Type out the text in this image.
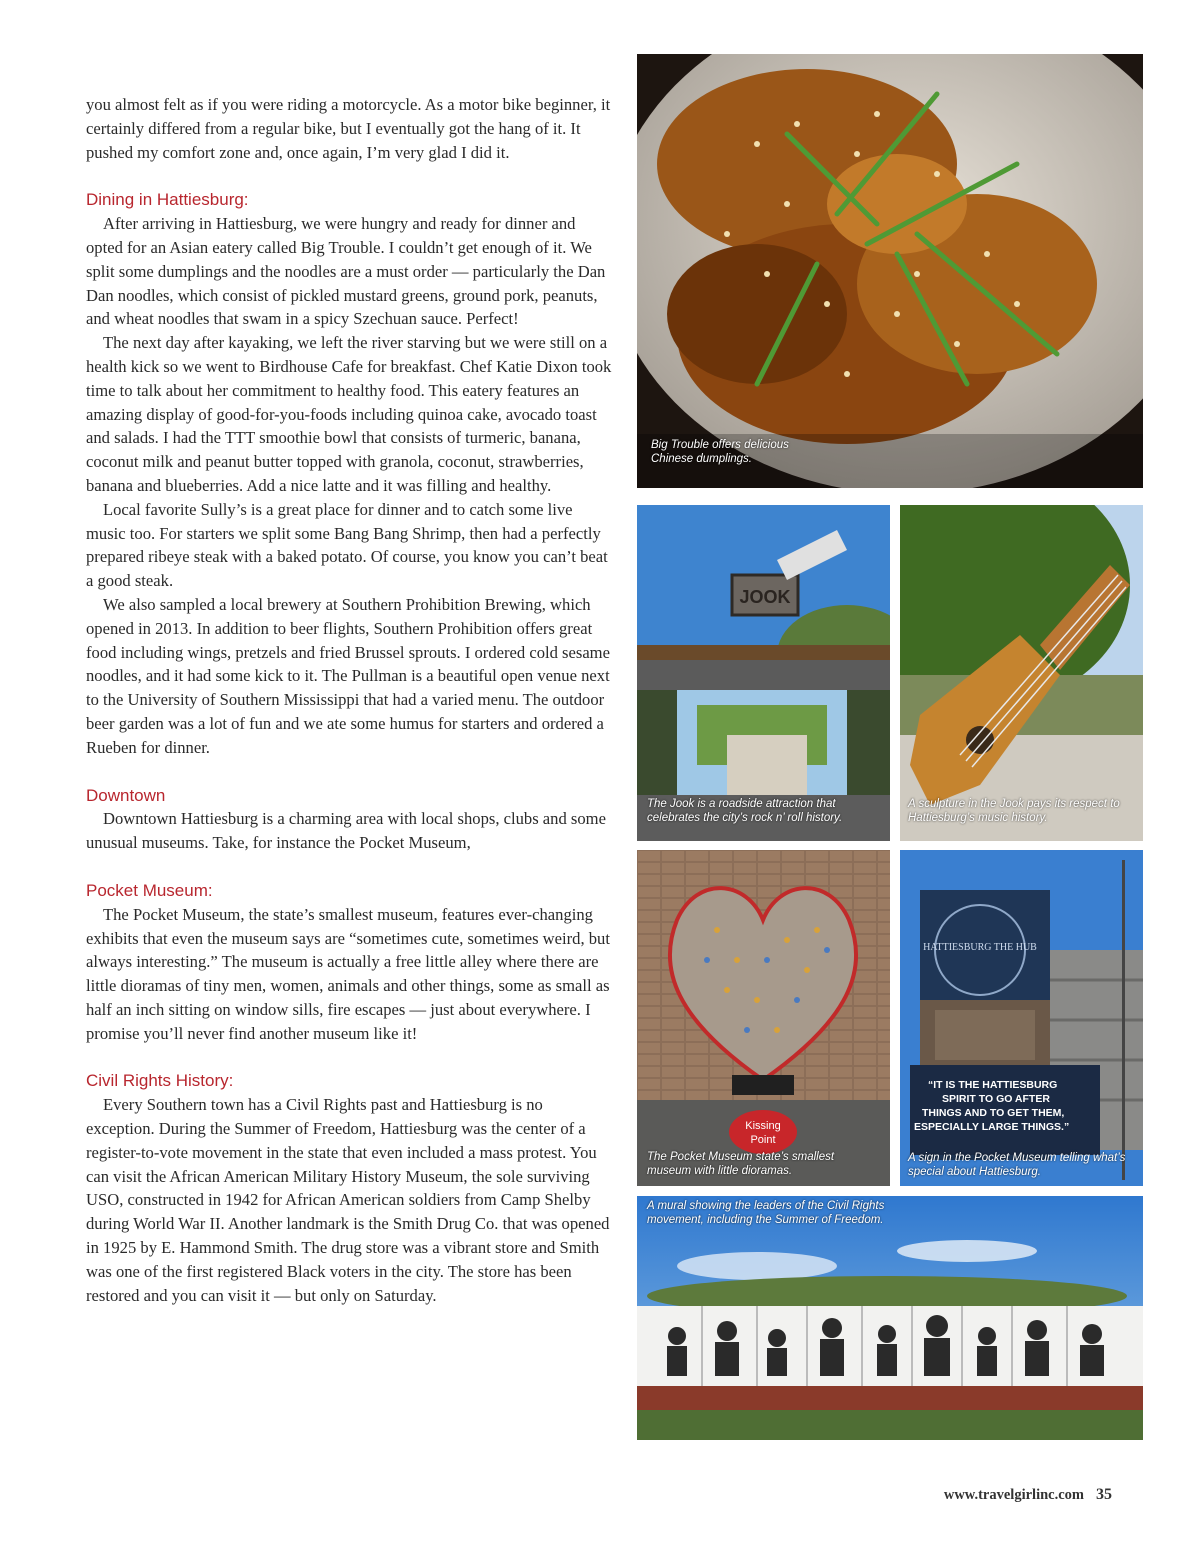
you almost felt as if you were riding a motorcycle. As a motor bike beginner, it certainly differed from a regular bike, but I eventually got the hang of it. It pushed my comfort zone and, once again, I’m very glad I did it.

Dining in Hattiesburg:

After arriving in Hattiesburg, we were hungry and ready for dinner and opted for an Asian eatery called Big Trouble. I couldn’t get enough of it. We split some dumplings and the noodles are a must order — particularly the Dan Dan noodles, which consist of pickled mustard greens, ground pork, peanuts, and wheat noodles that swam in a spicy Szechuan sauce. Perfect!

The next day after kayaking, we left the river starving but we were still on a health kick so we went to Birdhouse Cafe for breakfast. Chef Katie Dixon took time to talk about her commitment to healthy food. This eatery features an amazing display of good-for-you-foods including quinoa cake, avocado toast and salads. I had the TTT smoothie bowl that consists of turmeric, banana, coconut milk and peanut butter topped with granola, coconut, strawberries, banana and blueberries. Add a nice latte and it was filling and healthy.

Local favorite Sully’s is a great place for dinner and to catch some live music too. For starters we split some Bang Bang Shrimp, then had a perfectly prepared ribeye steak with a baked potato. Of course, you know you can’t beat a good steak.

We also sampled a local brewery at Southern Prohibition Brewing, which opened in 2013. In addition to beer flights, Southern Prohibition offers great food including wings, pretzels and fried Brussel sprouts. I ordered cold sesame noodles, and it had some kick to it. The Pullman is a beautiful open venue next to the University of Southern Mississippi that had a varied menu. The outdoor beer garden was a lot of fun and we ate some humus for starters and ordered a Rueben for dinner.

Downtown

Downtown Hattiesburg is a charming area with local shops, clubs and some unusual museums. Take, for instance the Pocket Museum,

Pocket Museum:

The Pocket Museum, the state’s smallest museum, features ever-changing exhibits that even the museum says are “sometimes cute, sometimes weird, but always interesting.” The museum is actually a free little alley where there are little dioramas of tiny men, women, animals and other things, some as small as half an inch sitting on window sills, fire escapes — just about everywhere. I promise you’ll never find another museum like it!

Civil Rights History:

Every Southern town has a Civil Rights past and Hattiesburg is no exception. During the Summer of Freedom, Hattiesburg was the center of a register-to-vote movement in the state that even included a mass protest. You can visit the African American Military History Museum, the sole surviving USO, constructed in 1942 for African American soldiers from Camp Shelby during World War II. Another landmark is the Smith Drug Co. that was opened in 1925 by E. Hammond Smith. The drug store was a vibrant store and Smith was one of the first registered Black voters in the city. The store has been restored and you can visit it — but only on Saturday.

Big Trouble offers delicious Chinese dumplings.
JOOK
The Jook is a roadside attraction that celebrates the city’s rock n’ roll history.
A sculpture in the Jook pays its respect to Hattiesburg’s music history.
Kissing
Point
The Pocket Museum state’s smallest museum with little dioramas.
HATTIESBURG THE HUB
“IT IS THE HATTIESBURG
SPIRIT TO GO AFTER
THINGS AND TO GET THEM,
ESPECIALLY LARGE THINGS.”
A sign in the Pocket Museum telling what’s special about Hattiesburg.
A mural showing the leaders of the Civil Rights movement, including the Summer of Freedom.
www.travelgirlinc.com 35
